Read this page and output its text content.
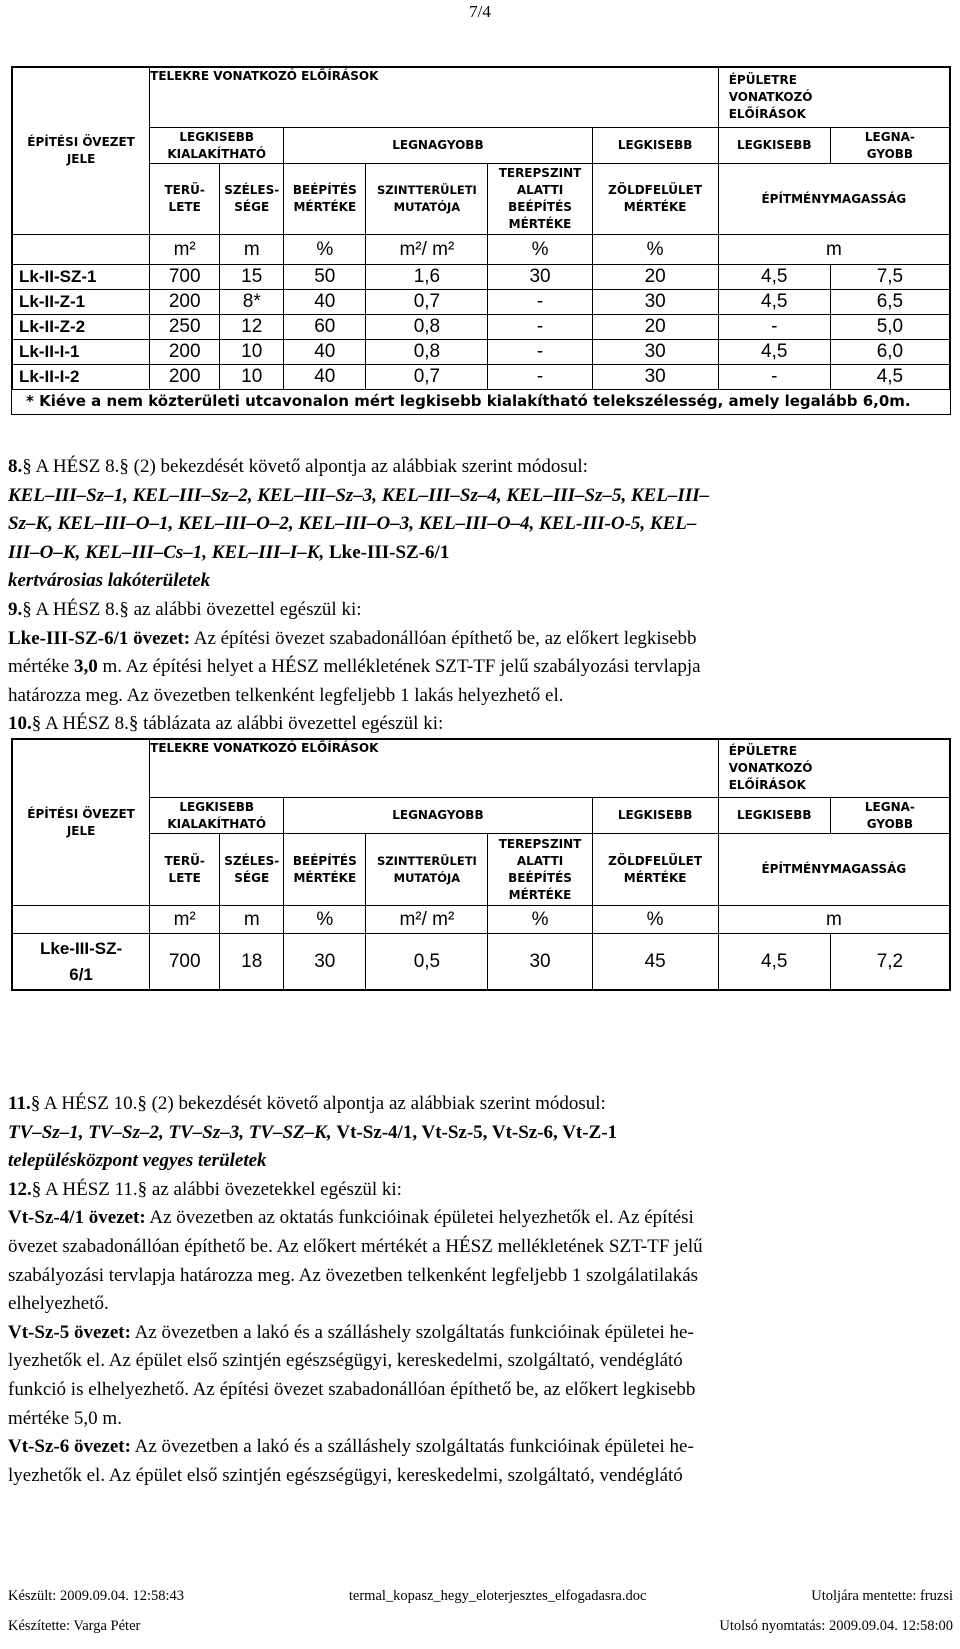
7/4
ÉPÍTÉSI ÖVEZET
JELE	TELEKRE VONATKOZÓ ELŐÍRÁSOK						ÉPÜLETRE
VONATKOZÓ
ELŐÍRÁSOK	
	LEGKISEBB
KIALAKÍTHATÓ		LEGNAGYOBB			LEGKISEBB	LEGKISEBB	LEGNA-
GYOBB
	TERÜ-
LETE	SZÉLES-
SÉGE	BEÉPÍTÉS
MÉRTÉKE	SZINTTERÜLETI
MUTATÓJA	TEREPSZINT
ALATTI
BEÉPÍTÉS
MÉRTÉKE	ZÖLDFELÜLET
MÉRTÉKE	ÉPÍTMÉNYMAGASSÁG	
	m²	m	%	m²/ m²	%	%	m	
Lk-II-SZ-1	700	15	50	1,6	30	20	4,5	7,5
Lk-II-Z-1	200	8*	40	0,7	-	30	4,5	6,5
Lk-II-Z-2	250	12	60	0,8	-	20	-	5,0
Lk-II-I-1	200	10	40	0,8	-	30	4,5	6,0
Lk-II-I-2	200	10	40	0,7	-	30	-	4,5
* Kiéve a nem közterületi utcavonalon mért legkisebb kialakítható telekszélesség, amely legalább 6,0m.

8.§ A HÉSZ 8.§ (2) bekezdését követő alpontja az alábbiak szerint módosul:

KEL–III–Sz–1, KEL–III–Sz–2, KEL–III–Sz–3, KEL–III–Sz–4, KEL–III–Sz–5, KEL–III–

Sz–K, KEL–III–O–1, KEL–III–O–2, KEL–III–O–3, KEL–III–O–4, KEL-III-O-5, KEL–

III–O–K, KEL–III–Cs–1, KEL–III–I–K, Lke-III-SZ-6/1

kertvárosias lakóterületek

9.§ A HÉSZ 8.§ az alábbi övezettel egészül ki:

Lke-III-SZ-6/1 övezet: Az építési övezet szabadonállóan építhető be, az előkert legkisebb

mértéke 3,0 m. Az építési helyet a HÉSZ mellékletének SZT-TF jelű szabályozási tervlapja

határozza meg. Az övezetben telkenként legfeljebb 1 lakás helyezhető el.

10.§ A HÉSZ 8.§ táblázata az alábbi övezettel egészül ki:

ÉPÍTÉSI ÖVEZET
JELE	TELEKRE VONATKOZÓ ELŐÍRÁSOK						ÉPÜLETRE
VONATKOZÓ
ELŐÍRÁSOK	
	LEGKISEBB
KIALAKÍTHATÓ		LEGNAGYOBB			LEGKISEBB	LEGKISEBB	LEGNA-
GYOBB
	TERÜ-
LETE	SZÉLES-
SÉGE	BEÉPÍTÉS
MÉRTÉKE	SZINTTERÜLETI
MUTATÓJA	TEREPSZINT
ALATTI
BEÉPÍTÉS
MÉRTÉKE	ZÖLDFELÜLET
MÉRTÉKE	ÉPÍTMÉNYMAGASSÁG	
	m²	m	%	m²/ m²	%	%	m	
Lke-III-SZ-
6/1	700	18	30	0,5	30	45	4,5	7,2

11.§ A HÉSZ 10.§ (2) bekezdését követő alpontja az alábbiak szerint módosul:

TV–Sz–1, TV–Sz–2, TV–Sz–3, TV–SZ–K, Vt-Sz-4/1, Vt-Sz-5, Vt-Sz-6, Vt-Z-1

településközpont vegyes területek

12.§ A HÉSZ 11.§ az alábbi övezetekkel egészül ki:

Vt-Sz-4/1 övezet: Az övezetben az oktatás funkcióinak épületei helyezhetők el. Az építési

övezet szabadonállóan építhető be. Az előkert mértékét a HÉSZ mellékletének SZT-TF jelű

szabályozási tervlapja határozza meg. Az övezetben telkenként legfeljebb 1 szolgálatilakás

elhelyezhető.

Vt-Sz-5 övezet: Az övezetben a lakó és a szálláshely szolgáltatás funkcióinak épületei he-

lyezhetők el. Az épület első szintjén egészségügyi, kereskedelmi, szolgáltató, vendéglátó

funkció is elhelyezhető. Az építési övezet szabadonállóan építhető be, az előkert legkisebb

mértéke 5,0 m.

Vt-Sz-6 övezet: Az övezetben a lakó és a szálláshely szolgáltatás funkcióinak épületei he-

lyezhetők el. Az épület első szintjén egészségügyi, kereskedelmi, szolgáltató, vendéglátó

Készült: 2009.09.04. 12:58:43	termal_kopasz_hegy_eloterjesztes_elfogadasra.doc	Utoljára mentette: fruzsi
Készítette: Varga Péter	Utolsó nyomtatás: 2009.09.04. 12:58:00
